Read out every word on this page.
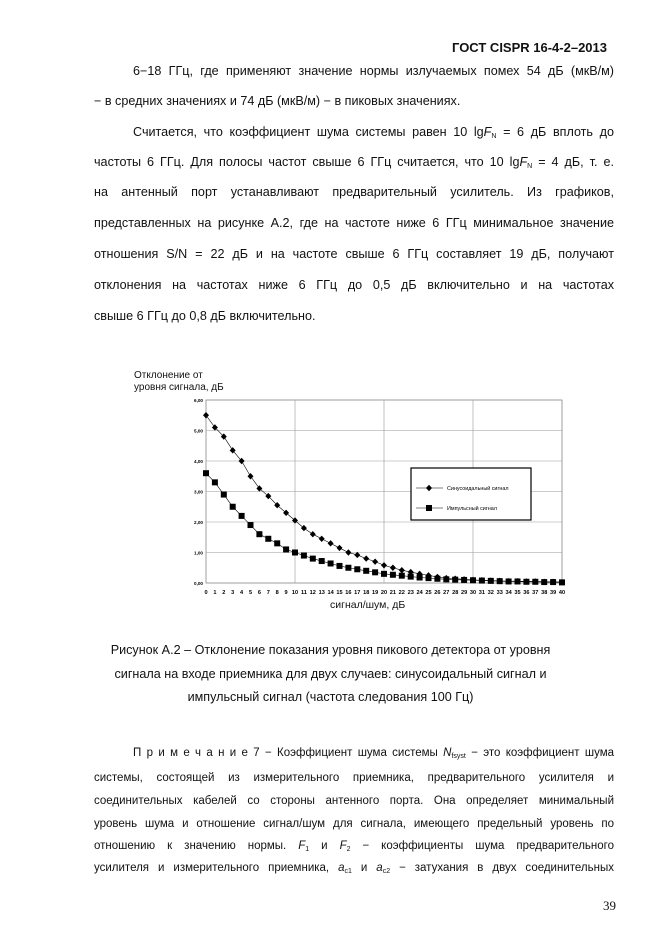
ГОСТ CISPR 16-4-2–2013
6−18 ГГц, где применяют значение нормы излучаемых помех 54 дБ (мкВ/м)
− в средних значениях и 74 дБ (мкВ/м) − в пиковых значениях.
Считается, что коэффициент шума системы равен 10 lgF$_N$ = 6 дБ вплоть до
частоты 6 ГГц. Для полосы частот свыше 6 ГГц считается, что 10 lgF$_N$ = 4 дБ, т. е.
на антенный порт устанавливают предварительный усилитель. Из графиков,
представленных на рисунке А.2, где на частоте ниже 6 ГГц минимальное значение
отношения S/N = 22 дБ и на частоте свыше 6 ГГц составляет 19 дБ, получают
отклонения на частотах ниже 6 ГГц до 0,5 дБ включительно и на частотах
свыше 6 ГГц до 0,8 дБ включительно.
Отклонение от
уровня сигнала, дБ
0,00
1,00
2,00
3,00
4,00
5,00
6,00
0 1 2 3 4 5 6 7 8 9 10 11 12 13 14 15 16 17 18 19 20 21 22 23 24 25 26 27 28 29 30 31 32 33 34 35 36 37 38 39 40
Синусоидальный сигнал
Импульсный сигнал
сигнал/шум, дБ
Рисунок А.2 – Отклонение показания уровня пикового детектора от уровня
сигнала на входе приемника для двух случаев: синусоидальный сигнал и
импульсный сигнал (частота следования 100 Гц)
П р и м е ч а н и е 7 − Коэффициент шума системы $N_{fsyst}$ − это коэффициент шума
системы, состоящей из измерительного приемника, предварительного усилителя и
соединительных кабелей со стороны антенного порта. Она определяет минимальный
уровень шума и отношение сигнал/шум для сигнала, имеющего предельный уровень по
отношению к значению нормы. $F_1$ и $F_2$ − коэффициенты шума предварительного
усилителя и измерительного приемника, $a_{c1}$ и $a_{c2}$ − затухания в двух соединительных
39
